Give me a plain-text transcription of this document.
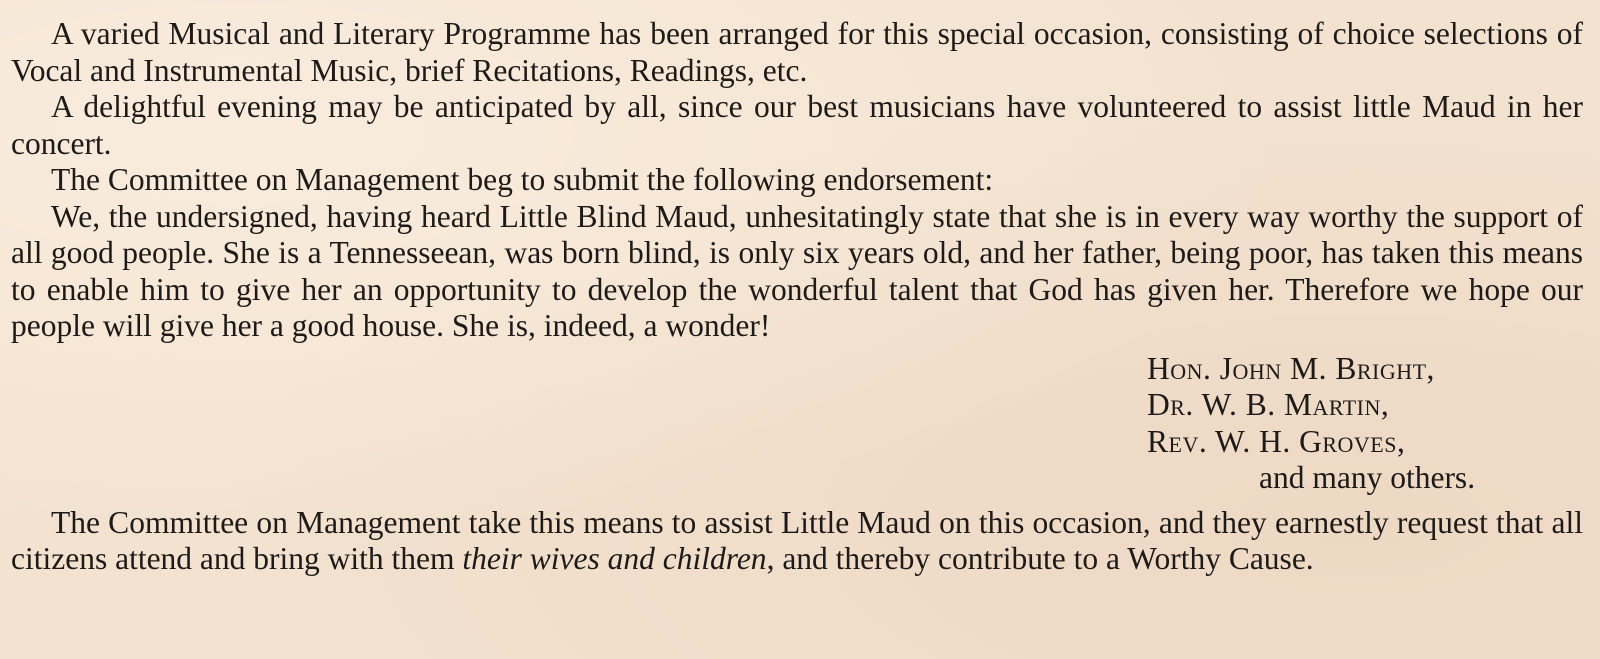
A varied Musical and Literary Programme has been arranged for this special occasion, consisting of choice selections of Vocal and Instrumental Music, brief Recitations, Readings, etc.

A delightful evening may be anticipated by all, since our best musicians have volunteered to assist little Maud in her concert.

The Committee on Management beg to submit the following endorsement:

We, the undersigned, having heard Little Blind Maud, unhesitatingly state that she is in every way worthy the support of all good people. She is a Tennesseean, was born blind, is only six years old, and her father, being poor, has taken this means to enable him to give her an opportunity to develop the wonderful talent that God has given her. Therefore we hope our people will give her a good house. She is, indeed, a wonder!

Hon. John M. Bright,
Dr. W. B. Martin,
Rev. W. H. Groves,
and many others.

The Committee on Management take this means to assist Little Maud on this occasion, and they earnestly request that all citizens attend and bring with them their wives and children, and thereby contribute to a Worthy Cause.
